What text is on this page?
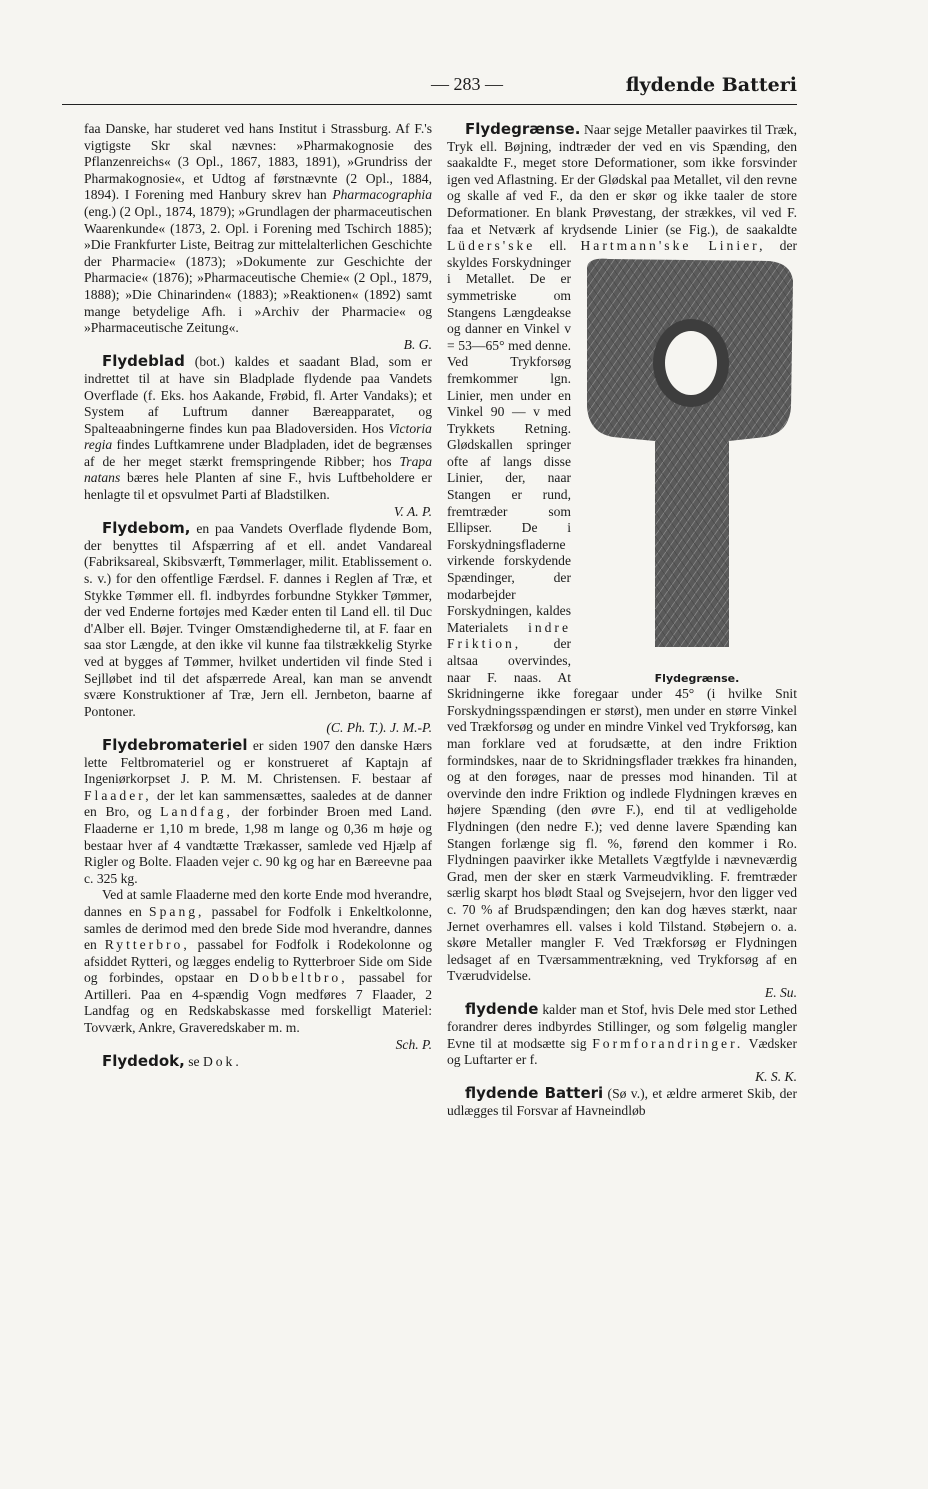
— 283 —	flydende Batteri

faa Danske, har studeret ved hans Institut i Strassburg. Af F.'s vigtigste Skr skal nævnes: »Pharmakognosie des Pflanzenreichs« (3 Opl., 1867, 1883, 1891), »Grundriss der Pharmakognosie«, et Udtog af førstnævnte (2 Opl., 1884, 1894). I Forening med Hanbury skrev han Pharmacographia (eng.) (2 Opl., 1874, 1879); »Grundlagen der pharmaceutischen Waarenkunde« (1873, 2. Opl. i Forening med Tschirch 1885); »Die Frankfurter Liste, Beitrag zur mittelalterlichen Geschichte der Pharmacie« (1873); »Dokumente zur Geschichte der Pharmacie« (1876); »Pharmaceutische Chemie« (2 Opl., 1879, 1888); »Die Chinarinden« (1883); »Reaktionen« (1892) samt mange betydelige Afh. i »Archiv der Pharmacie« og »Pharmaceutische Zeitung«.
B. G.

Flydeblad (bot.) kaldes et saadant Blad, som er indrettet til at have sin Bladplade flydende paa Vandets Overflade (f. Eks. hos Aakande, Frøbid, fl. Arter Vandaks); et System af Luftrum danner Bæreapparatet, og Spalteaabningerne findes kun paa Bladoversiden. Hos Victoria regia findes Luftkamrene under Bladpladen, idet de begrænses af de her meget stærkt fremspringende Ribber; hos Trapa natans bæres hele Planten af sine F., hvis Luftbeholdere er henlagte til et opsvulmet Parti af Bladstilken.
V. A. P.

Flydebom, en paa Vandets Overflade flydende Bom, der benyttes til Afspærring af et ell. andet Vandareal (Fabriksareal, Skibsværft, Tømmerlager, milit. Etablissement o. s. v.) for den offentlige Færdsel. F. dannes i Reglen af Træ, et Stykke Tømmer ell. fl. indbyrdes forbundne Stykker Tømmer, der ved Enderne fortøjes med Kæder enten til Land ell. til Duc d'Alber ell. Bøjer. Tvinger Omstændighederne til, at F. faar en saa stor Længde, at den ikke vil kunne faa tilstrækkelig Styrke ved at bygges af Tømmer, hvilket undertiden vil finde Sted i Sejlløbet ind til det afspærrede Areal, kan man se anvendt svære Konstruktioner af Træ, Jern ell. Jernbeton, baarne af Pontoner.
(C. Ph. T.). J. M.-P.

Flydebromateriel er siden 1907 den danske Hærs lette Feltbromateriel og er konstrueret af Kaptajn af Ingeniørkorpset J. P. M. M. Christensen. F. bestaar af Flaader, der let kan sammensættes, saaledes at de danner en Bro, og Landfag, der forbinder Broen med Land. Flaaderne er 1,10 m brede, 1,98 m lange og 0,36 m høje og bestaar hver af 4 vandtætte Trækasser, samlede ved Hjælp af Rigler og Bolte. Flaaden vejer c. 90 kg og har en Bæreevne paa c. 325 kg.

Ved at samle Flaaderne med den korte Ende mod hverandre, dannes en Spang, passabel for Fodfolk i Enkeltkolonne, samles de derimod med den brede Side mod hverandre, dannes en Rytterbro, passabel for Fodfolk i Rodekolonne og afsiddet Rytteri, og lægges endelig to Rytterbroer Side om Side og forbindes, opstaar en Dobbeltbro, passabel for Artilleri. Paa en 4-spændig Vogn medføres 7 Flaader, 2 Landfag og en Redskabskasse med forskelligt Materiel: Tovværk, Ankre, Graveredskaber m. m.
Sch. P.

Flydedok, se Dok.

Flydegrænse. Naar sejge Metaller paavirkes til Træk, Tryk ell. Bøjning, indtræder der ved en vis Spænding, den saakaldte F., meget store Deformationer, som ikke forsvinder igen ved Aflastning. Er der Glødskal paa Metallet, vil den revne og skalle af ved F., da den er skør og ikke taaler de store Deformationer. En blank Prøvestang, der strækkes, vil ved F. faa et Netværk af krydsende Linier (se Fig.), de saakaldte Lüders'ske ell. Hartmann'ske Linier,
Flydegrænse.
der skyldes Forskydninger i Metallet. De er symmetriske om Stangens Længdeakse og danner en Vinkel v = 53—65° med denne. Ved Trykforsøg fremkommer lgn. Linier, men under en Vinkel 90 — v med Trykkets Retning. Glødskallen springer ofte af langs disse Linier, der, naar Stangen er rund, fremtræder som Ellipser. De i Forskydningsfladerne virkende forskydende Spændinger, der modarbejder Forskydningen, kaldes Materialets indre Friktion, der altsaa overvindes, naar F. naas. At Skridningerne ikke foregaar under 45° (i hvilke Snit Forskydningsspændingen er størst), men under en større Vinkel ved Trækforsøg og under en mindre Vinkel ved Trykforsøg, kan man forklare ved at forudsætte, at den indre Friktion formindskes, naar de to Skridningsflader trækkes fra hinanden, og at den forøges, naar de presses mod hinanden. Til at overvinde den indre Friktion og indlede Flydningen kræves en højere Spænding (den øvre F.), end til at vedligeholde Flydningen (den nedre F.); ved denne lavere Spænding kan Stangen forlænge sig fl. %, førend den kommer i Ro. Flydningen paavirker ikke Metallets Vægtfylde i nævneværdig Grad, men der sker en stærk Varmeudvikling. F. fremtræder særlig skarpt hos blødt Staal og Svejsejern, hvor den ligger ved c. 70 % af Brudspændingen; den kan dog hæves stærkt, naar Jernet overhamres ell. valses i kold Tilstand. Støbejern o. a. skøre Metaller mangler F. Ved Trækforsøg er Flydningen ledsaget af en Tværsammentrækning, ved Trykforsøg af en Tværudvidelse.
E. Su.

flydende kalder man et Stof, hvis Dele med stor Lethed forandrer deres indbyrdes Stillinger, og som følgelig mangler Evne til at modsætte sig Formforandringer. Vædsker og Luftarter er f.
K. S. K.

flydende Batteri (Sø v.), et ældre armeret Skib, der udlægges til Forsvar af Havneindløb
